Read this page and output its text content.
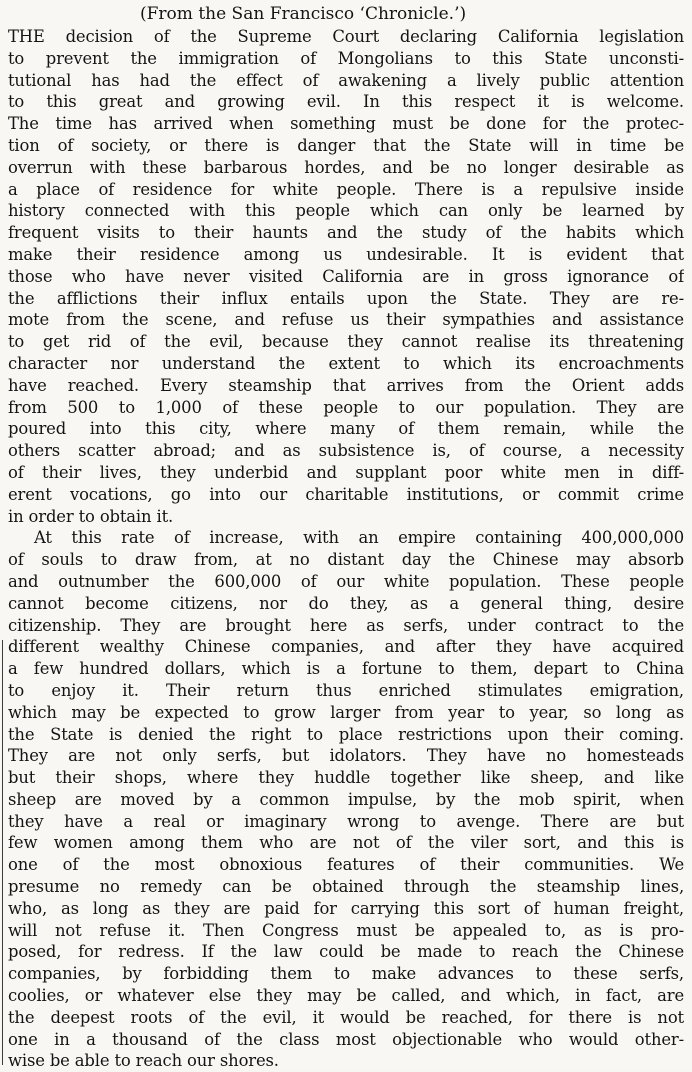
(From the San Francisco ‘Chronicle.’)
THE decision of the Supreme Court declaring California legislation
to prevent the immigration of Mongolians to this State unconsti-
tutional has had the effect of awakening a lively public attention
to this great and growing evil. In this respect it is welcome.
The time has arrived when something must be done for the protec-
tion of society, or there is danger that the State will in time be
overrun with these barbarous hordes, and be no longer desirable as
a place of residence for white people. There is a repulsive inside
history connected with this people which can only be learned by
frequent visits to their haunts and the study of the habits which
make their residence among us undesirable. It is evident that
those who have never visited California are in gross ignorance of
the afflictions their influx entails upon the State. They are re-
mote from the scene, and refuse us their sympathies and assistance
to get rid of the evil, because they cannot realise its threatening
character nor understand the extent to which its encroachments
have reached. Every steamship that arrives from the Orient adds
from 500 to 1,000 of these people to our population. They are
poured into this city, where many of them remain, while the
others scatter abroad; and as subsistence is, of course, a necessity
of their lives, they underbid and supplant poor white men in diff-
erent vocations, go into our charitable institutions, or commit crime
in order to obtain it.
At this rate of increase, with an empire containing 400,000,000
of souls to draw from, at no distant day the Chinese may absorb
and outnumber the 600,000 of our white population. These people
cannot become citizens, nor do they, as a general thing, desire
citizenship. They are brought here as serfs, under contract to the
different wealthy Chinese companies, and after they have acquired
a few hundred dollars, which is a fortune to them, depart to China
to enjoy it. Their return thus enriched stimulates emigration,
which may be expected to grow larger from year to year, so long as
the State is denied the right to place restrictions upon their coming.
They are not only serfs, but idolators. They have no homesteads
but their shops, where they huddle together like sheep, and like
sheep are moved by a common impulse, by the mob spirit, when
they have a real or imaginary wrong to avenge. There are but
few women among them who are not of the viler sort, and this is
one of the most obnoxious features of their communities. We
presume no remedy can be obtained through the steamship lines,
who, as long as they are paid for carrying this sort of human freight,
will not refuse it. Then Congress must be appealed to, as is pro-
posed, for redress. If the law could be made to reach the Chinese
companies, by forbidding them to make advances to these serfs,
coolies, or whatever else they may be called, and which, in fact, are
the deepest roots of the evil, it would be reached, for there is not
one in a thousand of the class most objectionable who would other-
wise be able to reach our shores.
